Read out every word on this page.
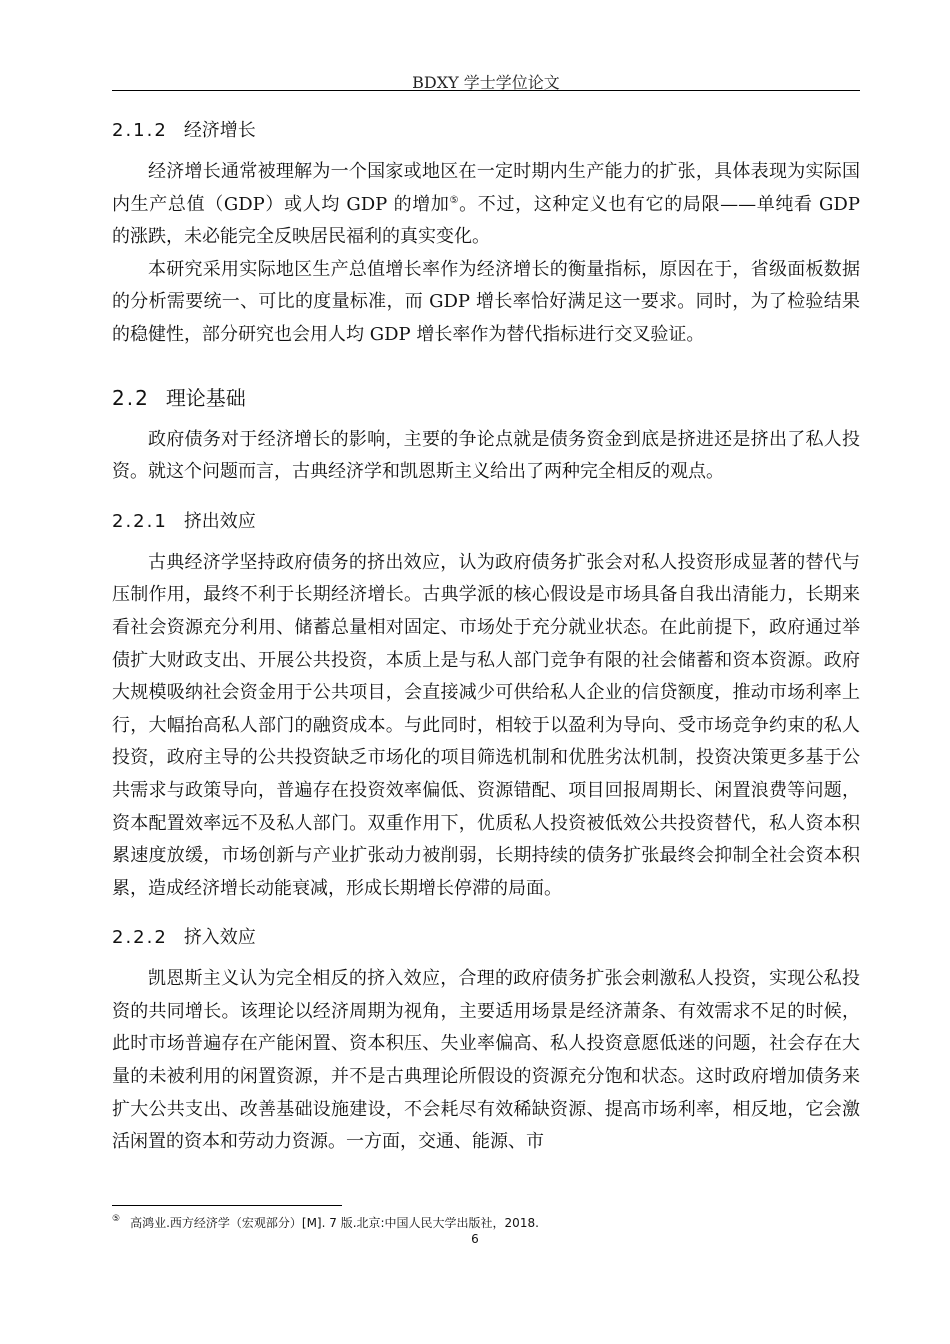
BDXY 学士学位论文
2.1.2 经济增长

经济增长通常被理解为一个国家或地区在一定时期内生产能力的扩张，具体表现为实际国内生产总值（GDP）或人均 GDP 的增加⑤。不过，这种定义也有它的局限——单纯看 GDP 的涨跌，未必能完全反映居民福利的真实变化。

本研究采用实际地区生产总值增长率作为经济增长的衡量指标，原因在于，省级面板数据的分析需要统一、可比的度量标准，而 GDP 增长率恰好满足这一要求。同时，为了检验结果的稳健性，部分研究也会用人均 GDP 增长率作为替代指标进行交叉验证。

2.2 理论基础

政府债务对于经济增长的影响，主要的争论点就是债务资金到底是挤进还是挤出了私人投资。就这个问题而言，古典经济学和凯恩斯主义给出了两种完全相反的观点。

2.2.1 挤出效应

古典经济学坚持政府债务的挤出效应，认为政府债务扩张会对私人投资形成显著的替代与压制作用，最终不利于长期经济增长。古典学派的核心假设是市场具备自我出清能力，长期来看社会资源充分利用、储蓄总量相对固定、市场处于充分就业状态。在此前提下，政府通过举债扩大财政支出、开展公共投资，本质上是与私人部门竞争有限的社会储蓄和资本资源。政府大规模吸纳社会资金用于公共项目，会直接减少可供给私人企业的信贷额度，推动市场利率上行，大幅抬高私人部门的融资成本。与此同时，相较于以盈利为导向、受市场竞争约束的私人投资，政府主导的公共投资缺乏市场化的项目筛选机制和优胜劣汰机制，投资决策更多基于公共需求与政策导向，普遍存在投资效率偏低、资源错配、项目回报周期长、闲置浪费等问题，资本配置效率远不及私人部门。双重作用下，优质私人投资被低效公共投资替代，私人资本积累速度放缓，市场创新与产业扩张动力被削弱，长期持续的债务扩张最终会抑制全社会资本积累，造成经济增长动能衰减，形成长期增长停滞的局面。

2.2.2 挤入效应

凯恩斯主义认为完全相反的挤入效应，合理的政府债务扩张会刺激私人投资，实现公私投资的共同增长。该理论以经济周期为视角，主要适用场景是经济萧条、有效需求不足的时候，此时市场普遍存在产能闲置、资本积压、失业率偏高、私人投资意愿低迷的问题，社会存在大量的未被利用的闲置资源，并不是古典理论所假设的资源充分饱和状态。这时政府增加债务来扩大公共支出、改善基础设施建设，不会耗尽有效稀缺资源、提高市场利率，相反地，它会激活闲置的资本和劳动力资源。一方面，交通、能源、市

⑤ 高鸿业.西方经济学（宏观部分）[M]. 7 版.北京:中国人民大学出版社，2018.
6
